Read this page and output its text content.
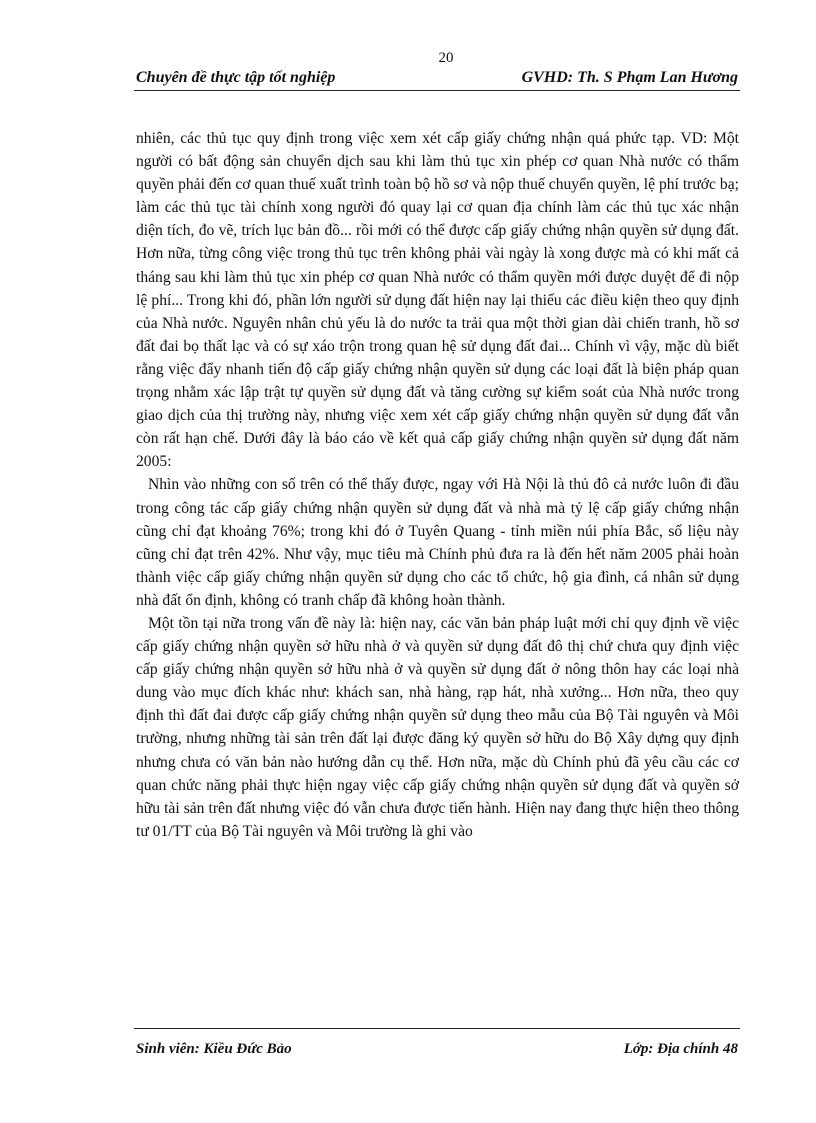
20
Chuyên đề thực tập tốt nghiệp	GVHD: Th. S Phạm Lan Hương

nhiên, các thủ tục quy định trong việc xem xét cấp giấy chứng nhận quá phức tạp. VD: Một người có bất động sản chuyển dịch sau khi làm thủ tục xin phép cơ quan Nhà nước có thẩm quyền phải đến cơ quan thuế xuất trình toàn bộ hồ sơ và nộp thuế chuyển quyền, lệ phí trước bạ; làm các thủ tục tài chính xong người đó quay lại cơ quan địa chính làm các thủ tục xác nhận diện tích, đo vẽ, trích lục bản đồ... rồi mới có thể được cấp giấy chứng nhận quyền sử dụng đất. Hơn nữa, từng công việc trong thủ tục trên không phải vài ngày là xong được mà có khi mất cả tháng sau khi làm thủ tục xin phép cơ quan Nhà nước có thẩm quyền mới được duyệt để đi nộp lệ phí... Trong khi đó, phần lớn người sử dụng đất hiện nay lại thiếu các điều kiện theo quy định của Nhà nước. Nguyên nhân chủ yếu là do nước ta trải qua một thời gian dài chiến tranh, hồ sơ đất đai bọ thất lạc và có sự xáo trộn trong quan hệ sử dụng đất đai... Chính vì vậy, mặc dù biết rằng việc đẩy nhanh tiến độ cấp giấy chứng nhận quyền sử dụng các loại đất là biện pháp quan trọng nhằm xác lập trật tự quyền sử dụng đất và tăng cường sự kiểm soát của Nhà nước trong giao dịch của thị trường này, nhưng việc xem xét cấp giấy chứng nhận quyền sử dụng đất vẫn còn rất hạn chế. Dưới đây là báo cáo về kết quả cấp giấy chứng nhận quyền sử dụng đất năm 2005:

Nhìn vào những con số trên có thể thấy được, ngay với Hà Nội là thủ đô cả nước luôn đi đầu trong công tác cấp giấy chứng nhận quyền sử dụng đất và nhà mà tỷ lệ cấp giấy chứng nhận cũng chỉ đạt khoảng 76%; trong khi đó ở Tuyên Quang - tỉnh miền núi phía Bắc, số liệu này cũng chỉ đạt trên 42%. Như vậy, mục tiêu mà Chính phủ đưa ra là đến hết năm 2005 phải hoàn thành việc cấp giấy chứng nhận quyền sử dụng cho các tổ chức, hộ gia đình, cá nhân sử dụng nhà đất ổn định, không có tranh chấp đã không hoàn thành.

Một tồn tại nữa trong vấn đề này là: hiện nay, các văn bản pháp luật mới chỉ quy định về việc cấp giấy chứng nhận quyền sở hữu nhà ở và quyền sử dụng đất đô thị chứ chưa quy định việc cấp giấy chứng nhận quyền sở hữu nhà ở và quyền sử dụng đất ở nông thôn hay các loại nhà dung vào mục đích khác như: khách san, nhà hàng, rạp hát, nhà xưởng... Hơn nữa, theo quy định thì đất đai được cấp giấy chứng nhận quyền sử dụng theo mẫu của Bộ Tài nguyên và Môi trường, nhưng những tài sản trên đất lại được đăng ký quyền sở hữu do Bộ Xây dựng quy định nhưng chưa có văn bản nào hướng dẫn cụ thể. Hơn nữa, mặc dù Chính phủ đã yêu cầu các cơ quan chức năng phải thực hiện ngay việc cấp giấy chứng nhận quyền sử dụng đất và quyền sở hữu tài sản trên đất nhưng việc đó vẫn chưa được tiến hành. Hiện nay đang thực hiện theo thông tư 01/TT của Bộ Tài nguyên và Môi trường là ghi vào

Sinh viên: Kiều Đức Bảo	Lớp: Địa chính 48
